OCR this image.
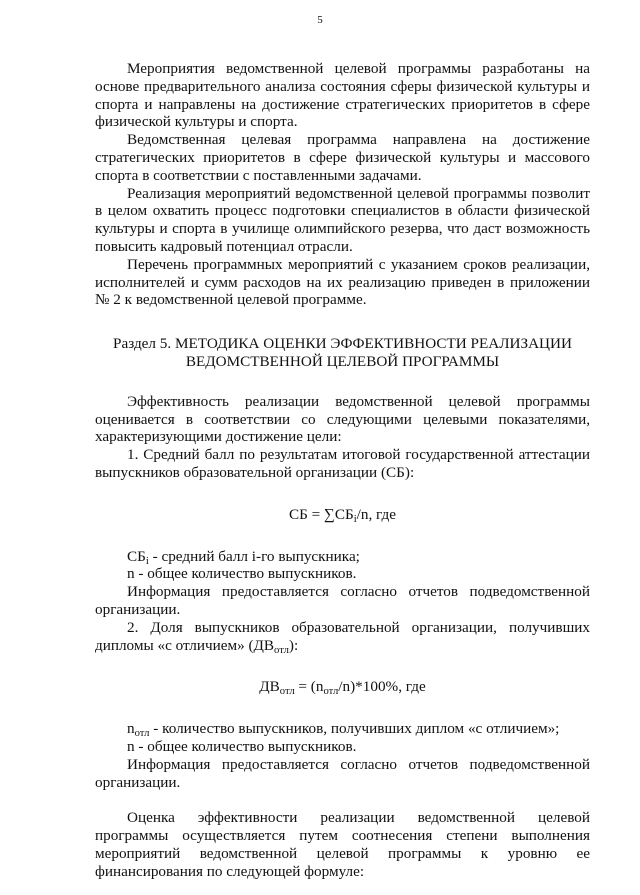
5

Мероприятия ведомственной целевой программы разработаны на основе предварительного анализа состояния сферы физической культуры и спорта и направлены на достижение стратегических приоритетов в сфере физической культуры и спорта.

Ведомственная целевая программа направлена на достижение стратегических приоритетов в сфере физической культуры и массового спорта в соответствии с поставленными задачами.

Реализация мероприятий ведомственной целевой программы позволит в целом охватить процесс подготовки специалистов в области физической культуры и спорта в училище олимпийского резерва, что даст возможность повысить кадровый потенциал отрасли.

Перечень программных мероприятий с указанием сроков реализации, исполнителей и сумм расходов на их реализацию приведен в приложении № 2 к ведомственной целевой программе.

Раздел 5. МЕТОДИКА ОЦЕНКИ ЭФФЕКТИВНОСТИ РЕАЛИЗАЦИИ
ВЕДОМСТВЕННОЙ ЦЕЛЕВОЙ ПРОГРАММЫ

Эффективность реализации ведомственной целевой программы оценивается в соответствии со следующими целевыми показателями, характеризующими достижение цели:

1. Средний балл по результатам итоговой государственной аттестации выпускников образовательной организации (СБ):

СБ = $\sum СБ_i/n$, где

$СБ_i$ - средний балл i-го выпускника;

n - общее количество выпускников.

Информация предоставляется согласно отчетов подведомственной организации.

2. Доля выпускников образовательной организации, получивших дипломы «с отличием» $(ДВ_{отл})$:

$ДВ_{отл} = (n_{отл}/n)*100\%$, где

$n_{отл}$ - количество выпускников, получивших диплом «с отличием»;

n - общее количество выпускников.

Информация предоставляется согласно отчетов подведомственной организации.

Оценка эффективности реализации ведомственной целевой программы осуществляется путем соотнесения степени выполнения мероприятий ведомственной целевой программы к уровню ее финансирования по следующей формуле:
